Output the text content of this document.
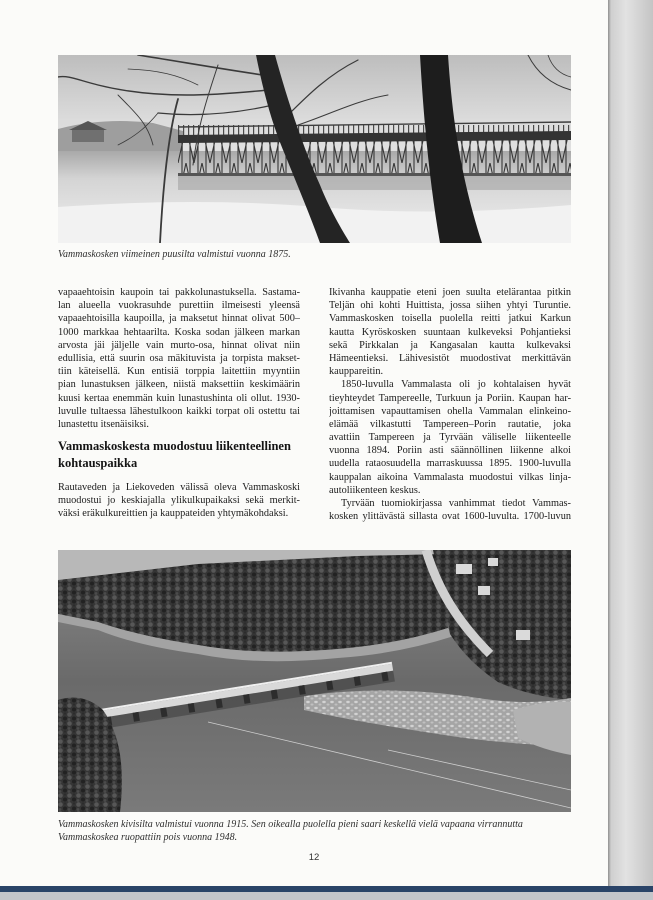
Vammaskosken viimeinen puusilta valmistui vuonna 1875.
vapaaehtoisin kaupoin tai pakkolunastuksella. Sastama-
lan alueella vuokrasuhde purettiin ilmeisesti yleensä
vapaaehtoisilla kaupoilla, ja maksetut hinnat olivat 500–
1000 markkaa hehtaarilta. Koska sodan jälkeen markan
arvosta jäi jäljelle vain murto-osa, hinnat olivat niin
edullisia, että suurin osa mäkituvista ja torpista makset-
tiin käteisellä. Kun entisiä torppia laitettiin myyntiin
pian lunastuksen jälkeen, niistä maksettiin keskimäärin
kuusi kertaa enemmän kuin lunastushinta oli ollut. 1930-
luvulle tultaessa lähestulkoon kaikki torpat oli ostettu tai
lunastettu itsenäisiksi.
Vammaskoskesta muodostuu liikenteellinen
kohtauspaikka
Rautaveden ja Liekoveden välissä oleva Vammaskoski
muodostui jo keskiajalla ylikulkupaikaksi sekä merkit-
väksi eräkulkureittien ja kauppateiden yhtymäkohdaksi.
Ikivanha kauppatie eteni joen suulta etelärantaa pitkin
Teljän ohi kohti Huittista, jossa siihen yhtyi Turuntie.
Vammaskosken toisella puolella reitti jatkui Karkun
kautta Kyröskosken suuntaan kulkeveksi Pohjantieksi
sekä Pirkkalan ja Kangasalan kautta kulkevaksi
Hämeentieksi. Lähivesistöt muodostivat merkittävän
kauppareitin.
1850-luvulla Vammalasta oli jo kohtalaisen hyvät
tieyhteydet Tampereelle, Turkuun ja Poriin. Kaupan har-
joittamisen vapauttamisen ohella Vammalan elinkeino-
elämää vilkastutti Tampereen–Porin rautatie, joka
avattiin Tampereen ja Tyrvään väliselle liikenteelle
vuonna 1894. Poriin asti säännöllinen liikenne alkoi
uudella rataosuudella marraskuussa 1895. 1900-luvulla
kauppalan aikoina Vammalasta muodostui vilkas linja-
autoliikenteen keskus.
Tyrvään tuomiokirjassa vanhimmat tiedot Vammas-
kosken ylittävästä sillasta ovat 1600-luvulta. 1700-luvun
Vammaskosken kivisilta valmistui vuonna 1915. Sen oikealla puolella pieni saari keskellä vielä vapaana virrannutta
Vammaskoskea ruopattiin pois vuonna 1948.
12
